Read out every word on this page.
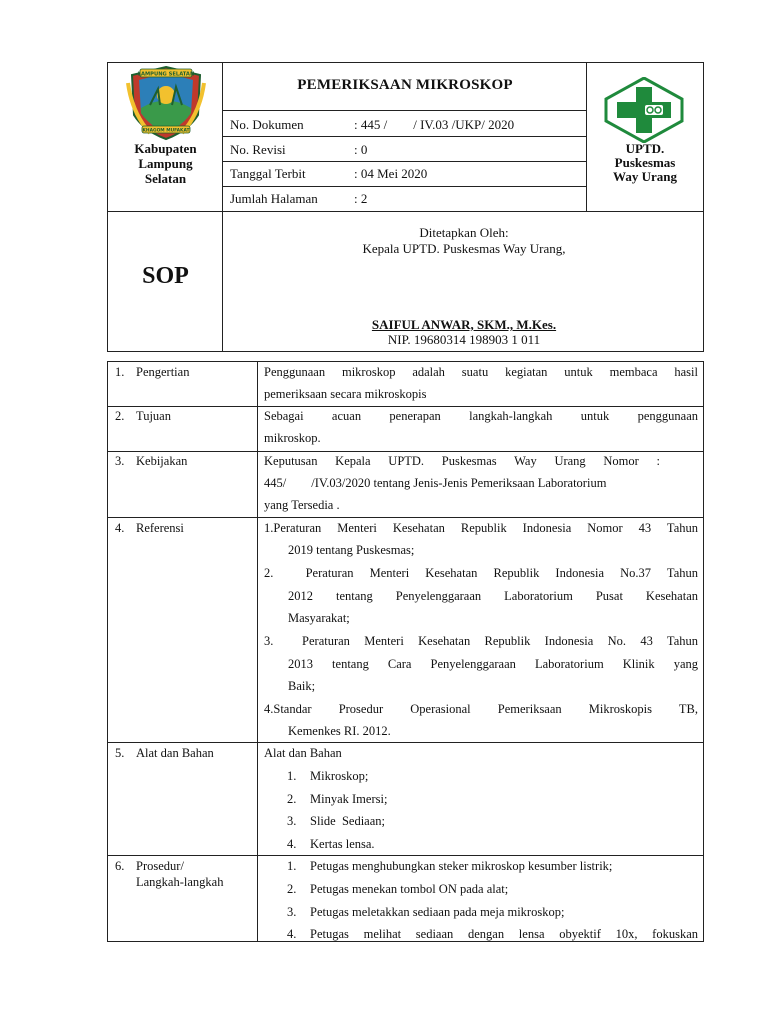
LAMPUNG SELATAN
KHAGOM MUFAKAT
Kabupaten
Lampung
Selatan
PEMERIKSAAN MIKROSKOP
No. Dokumen	: 445 /        / IV.03 /UKP/ 2020
No. Revisi	: 0
Tanggal Terbit	: 04 Mei 2020
Jumlah Halaman	: 2
UPTD.
Puskesmas
Way Urang
SOP
Ditetapkan Oleh:
Kepala UPTD. Puskesmas Way Urang,
SAIFUL ANWAR, SKM., M.Kes.
NIP. 19680314 198903 1 011
1. Pengertian	Penggunaan mikroskop adalah suatu kegiatan untuk membaca hasil
pemeriksaan secara mikroskopis
2. Tujuan	Sebagai acuan penerapan langkah-langkah untuk penggunaan
mikroskop.
3. Kebijakan	Keputusan Kepala UPTD. Puskesmas Way Urang Nomor :
445/        /IV.03/2020 tentang Jenis-Jenis Pemeriksaan Laboratorium
yang Tersedia .
4. Referensi	1.Peraturan Menteri Kesehatan Republik Indonesia Nomor 43 Tahun
2019 tentang Puskesmas;
2.  Peraturan Menteri Kesehatan Republik Indonesia No.37 Tahun
2012 tentang Penyelenggaraan Laboratorium Pusat Kesehatan
Masyarakat;
3.  Peraturan Menteri Kesehatan Republik Indonesia No. 43 Tahun
2013 tentang Cara Penyelenggaraan Laboratorium Klinik yang
Baik;
4.Standar Prosedur Operasional Pemeriksaan Mikroskopis TB,
Kemenkes RI. 2012.
5. Alat dan Bahan	Alat dan Bahan
1. Mikroskop;
2. Minyak Imersi;
3. Slide  Sediaan;
4. Kertas lensa.
6. Prosedur/
Langkah-langkah
1. Petugas menghubungkan steker mikroskop kesumber listrik;
2. Petugas menekan tombol ON pada alat;
3. Petugas meletakkan sediaan pada meja mikroskop;
4. Petugas melihat sediaan dengan lensa obyektif 10x, fokuskan
